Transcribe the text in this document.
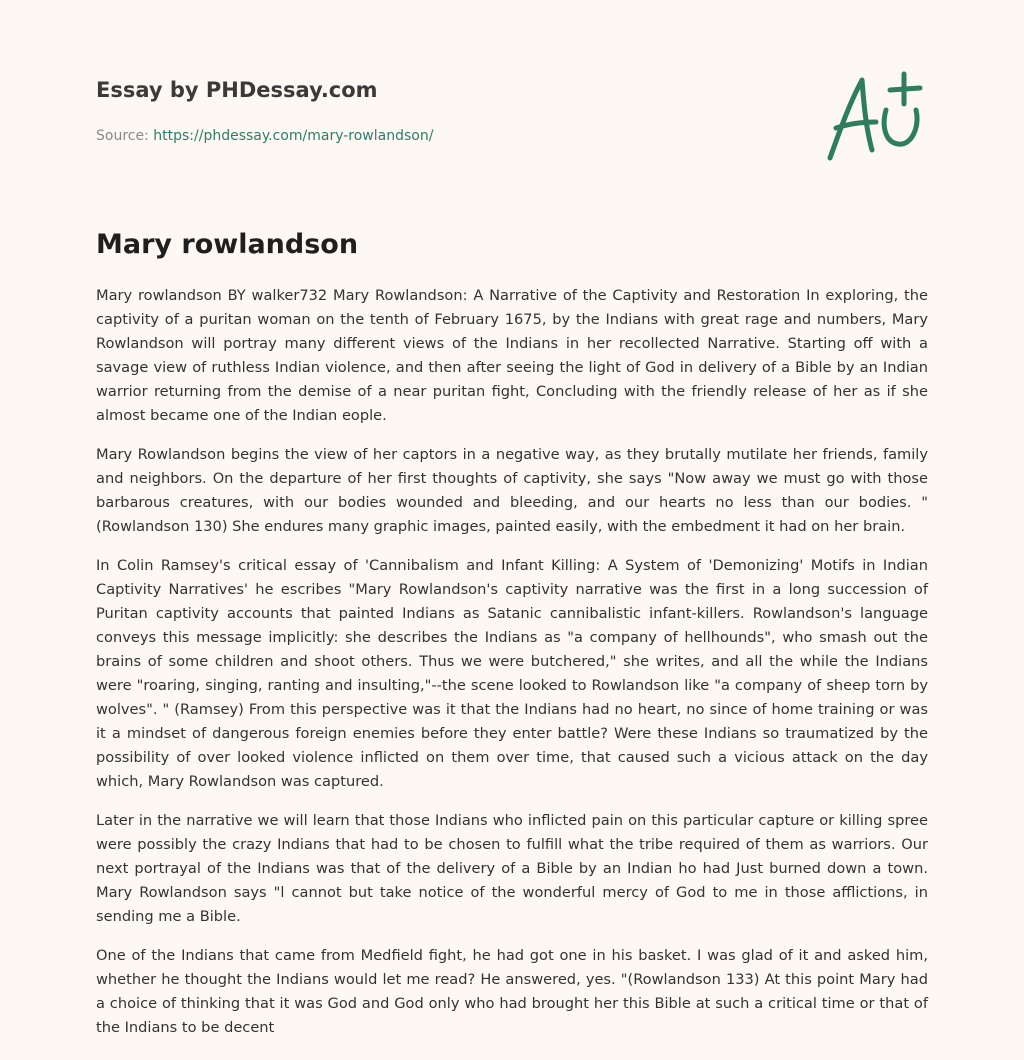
Essay by PHDessay.com
Source: https://phdessay.com/mary-rowlandson/
Mary rowlandson

Mary rowlandson BY walker732 Mary Rowlandson: A Narrative of the Captivity and Restoration In exploring, the captivity of a puritan woman on the tenth of February 1675, by the Indians with great rage and numbers, Mary Rowlandson will portray many different views of the Indians in her recollected Narrative. Starting off with a savage view of ruthless Indian violence, and then after seeing the light of God in delivery of a Bible by an Indian warrior returning from the demise of a near puritan fight, Concluding with the friendly release of her as if she almost became one of the Indian eople.

Mary Rowlandson begins the view of her captors in a negative way, as they brutally mutilate her friends, family and neighbors. On the departure of her first thoughts of captivity, she says "Now away we must go with those barbarous creatures, with our bodies wounded and bleeding, and our hearts no less than our bodies. "(Rowlandson 130) She endures many graphic images, painted easily, with the embedment it had on her brain.

In Colin Ramsey's critical essay of 'Cannibalism and Infant Killing: A System of 'Demonizing' Motifs in Indian Captivity Narratives' he escribes "Mary Rowlandson's captivity narrative was the first in a long succession of Puritan captivity accounts that painted Indians as Satanic cannibalistic infant-killers. Rowlandson's language conveys this message implicitly: she describes the Indians as "a company of hellhounds", who smash out the brains of some children and shoot others. Thus we were butchered," she writes, and all the while the Indians were "roaring, singing, ranting and insulting,"--the scene looked to Rowlandson like "a company of sheep torn by wolves". " (Ramsey) From this perspective was it that the Indians had no heart, no since of home training or was it a mindset of dangerous foreign enemies before they enter battle? Were these Indians so traumatized by the possibility of over looked violence inflicted on them over time, that caused such a vicious attack on the day which, Mary Rowlandson was captured.

Later in the narrative we will learn that those Indians who inflicted pain on this particular capture or killing spree were possibly the crazy Indians that had to be chosen to fulfill what the tribe required of them as warriors. Our next portrayal of the Indians was that of the delivery of a Bible by an Indian ho had Just burned down a town. Mary Rowlandson says "l cannot but take notice of the wonderful mercy of God to me in those afflictions, in sending me a Bible.

One of the Indians that came from Medfield fight, he had got one in his basket. I was glad of it and asked him, whether he thought the Indians would let me read? He answered, yes. "(Rowlandson 133) At this point Mary had a choice of thinking that it was God and God only who had brought her this Bible at such a critical time or that of the Indians to be decent
